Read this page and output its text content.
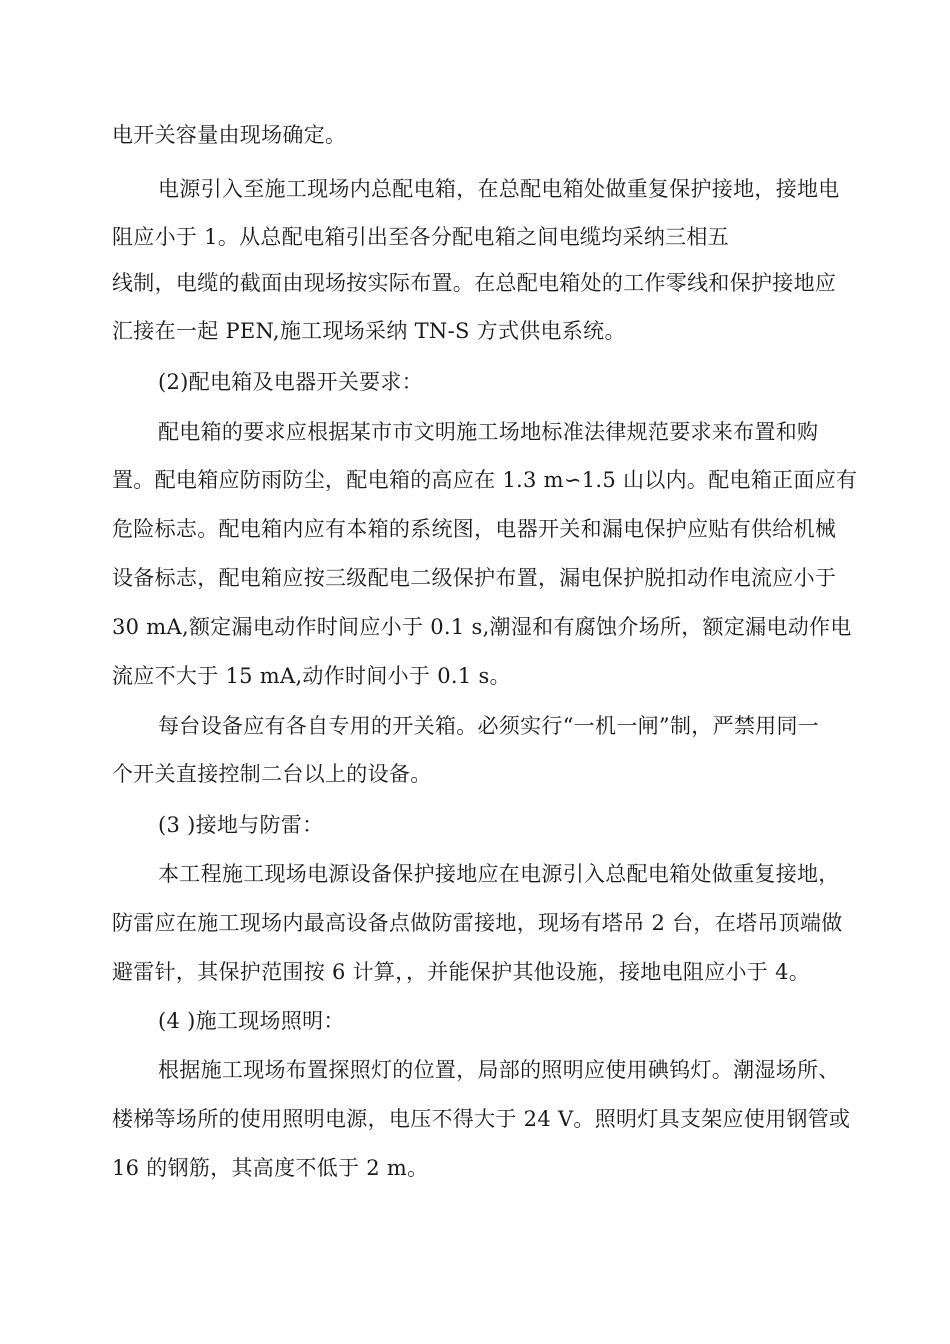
电开关容量由现场确定。
电源引入至施工现场内总配电箱，在总配电箱处做重复保护接地，接地电
阻应小于 1。从总配电箱引出至各分配电箱之间电缆均采纳三相五
线制，电缆的截面由现场按实际布置。在总配电箱处的工作零线和保护接地应
汇接在一起 PEN,施工现场采纳 TN-S 方式供电系统。
(2)配电箱及电器开关要求：
配电箱的要求应根据某市市文明施工场地标准法律规范要求来布置和购
置。配电箱应防雨防尘，配电箱的高应在 1.3 m∽1.5 山以内。配电箱正面应有
危险标志。配电箱内应有本箱的系统图，电器开关和漏电保护应贴有供给机械
设备标志，配电箱应按三级配电二级保护布置，漏电保护脱扣动作电流应小于
30 mA,额定漏电动作时间应小于 0.1 s,潮湿和有腐蚀介场所，额定漏电动作电
流应不大于 15 mA,动作时间小于 0.1 s。
每台设备应有各自专用的开关箱。必须实行“一机一闸”制，严禁用同一
个开关直接控制二台以上的设备。
(3 )接地与防雷：
本工程施工现场电源设备保护接地应在电源引入总配电箱处做重复接地，
防雷应在施工现场内最高设备点做防雷接地，现场有塔吊 2 台，在塔吊顶端做
避雷针，其保护范围按 6 计算，，并能保护其他设施，接地电阻应小于 4。
(4 )施工现场照明：
根据施工现场布置探照灯的位置，局部的照明应使用碘钨灯。潮湿场所、
楼梯等场所的使用照明电源，电压不得大于 24 V。照明灯具支架应使用钢管或
16 的钢筋，其高度不低于 2 m。
